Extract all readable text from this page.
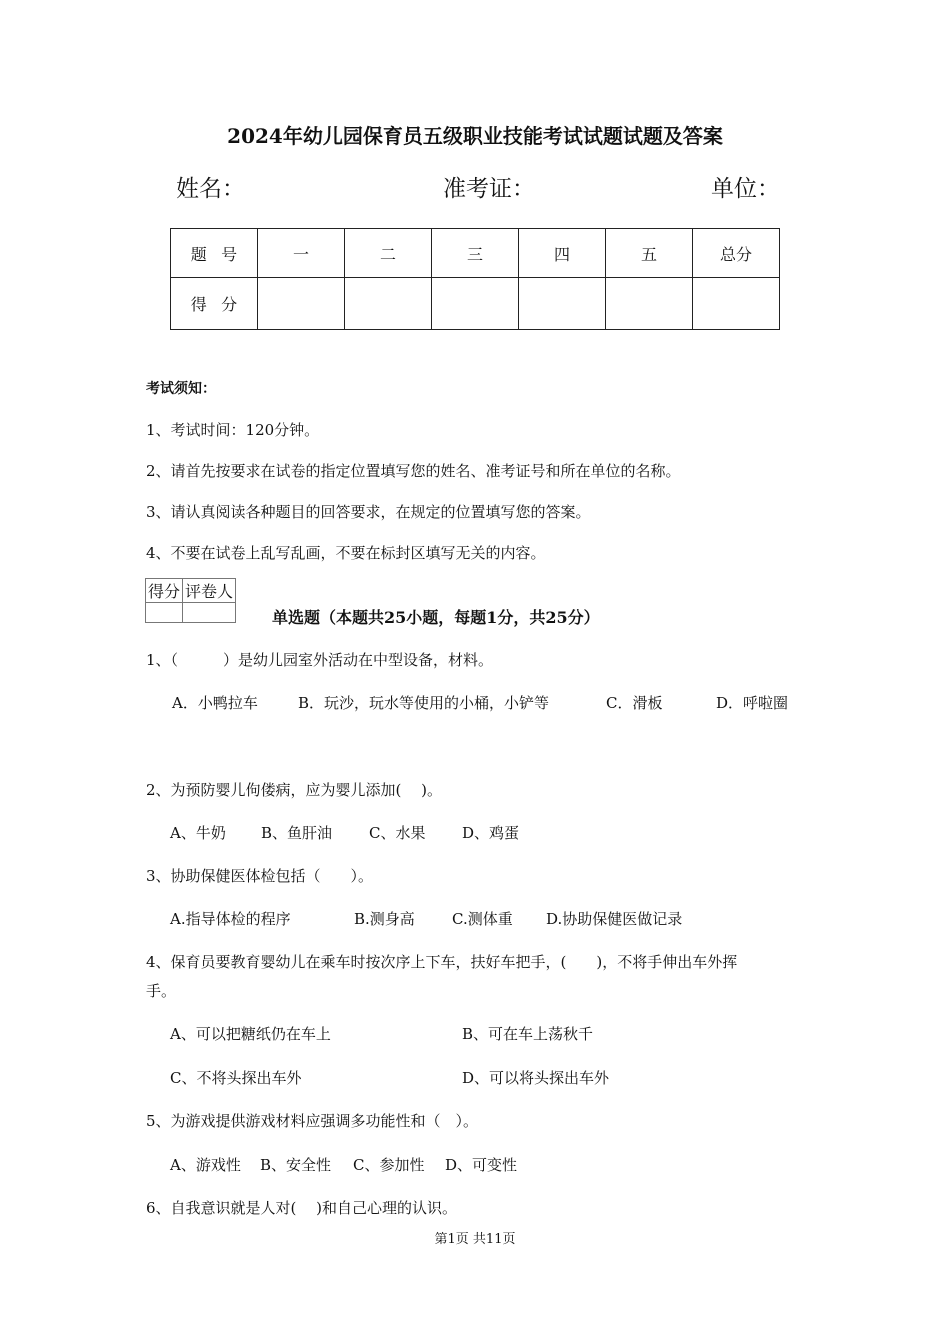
2024年幼儿园保育员五级职业技能考试试题试题及答案
姓名：	准考证：	单位：
题号	一	二	三	四	五	总分
得分						
考试须知：
1、考试时间：120分钟。
2、请首先按要求在试卷的指定位置填写您的姓名、准考证号和所在单位的名称。
3、请认真阅读各种题目的回答要求，在规定的位置填写您的答案。
4、不要在试卷上乱写乱画，不要在标封区填写无关的内容。
得分	评卷人

单选题（本题共25小题，每题1分，共25分）
1、（　　　）是幼儿园室外活动在中型设备，材料。
A．小鸭拉车	B．玩沙，玩水等使用的小桶，小铲等	C．滑板	D．呼啦圈
2、为预防婴儿佝偻病，应为婴儿添加(　 )。
A、牛奶 B、鱼肝油 C、水果 D、鸡蛋
3、协助保健医体检包括（　　）。
A.指导体检的程序	B.测身高 C.测体重 D.协助保健医做记录
4、保育员要教育婴幼儿在乘车时按次序上下车，扶好车把手，(　　)，不将手伸出车外挥
手。
A、可以把糖纸仍在车上	B、可在车上荡秋千
C、不将头探出车外	D、可以将头探出车外
5、为游戏提供游戏材料应强调多功能性和（　）。
A、游戏性 B、安全性 C、参加性 D、可变性
6、自我意识就是人对(　 )和自己心理的认识。
第1页 共11页
